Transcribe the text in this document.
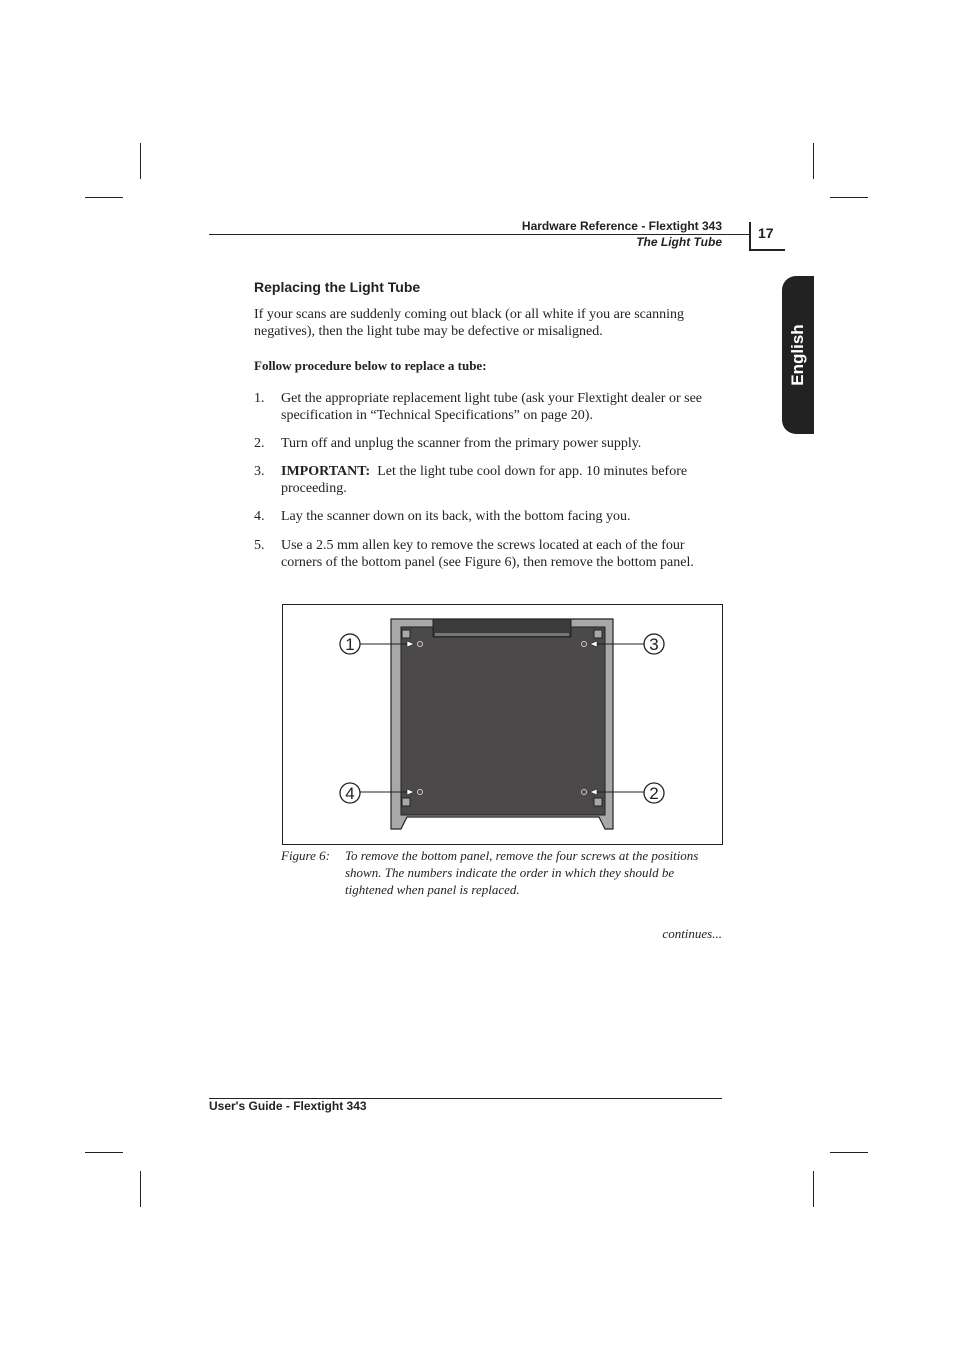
Hardware Reference - Flextight 343
The Light Tube
17
English
Replacing the Light Tube
If your scans are suddenly coming out black (or all white if you are scanning negatives), then the light tube may be defective or misaligned.
Follow procedure below to replace a tube:
1. Get the appropriate replacement light tube (ask your Flextight dealer or see specification in “Technical Specifications” on page 20).
2. Turn off and unplug the scanner from the primary power supply.
3. IMPORTANT: Let the light tube cool down for app. 10 minutes before proceeding.
4. Lay the scanner down on its back, with the bottom facing you.
5. Use a 2.5 mm allen key to remove the screws located at each of the four corners of the bottom panel (see Figure 6), then remove the bottom panel.
1	3
4	2
Figure 6: To remove the bottom panel, remove the four screws at the positions shown. The numbers indicate the order in which they should be tightened when panel is replaced.
continues...
User's Guide - Flextight 343
